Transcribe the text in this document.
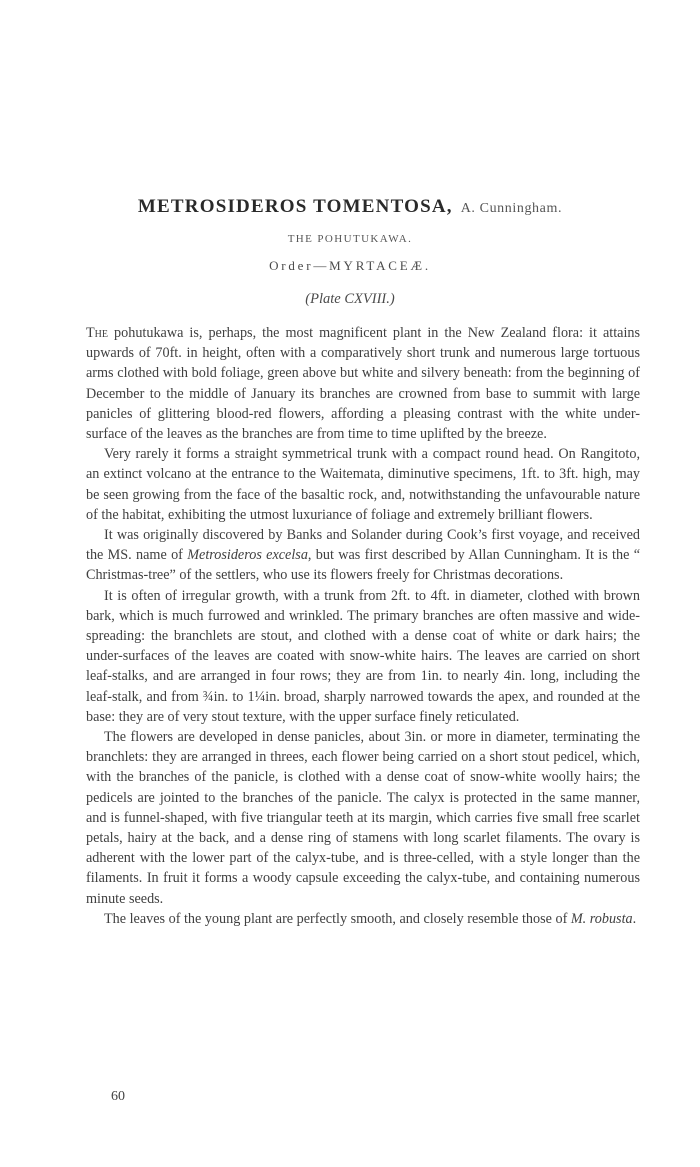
METROSIDEROS TOMENTOSA, A. Cunningham.
THE POHUTUKAWA.
Order—MYRTACEÆ.
(Plate CXVIII.)

The pohutukawa is, perhaps, the most magnificent plant in the New Zealand flora: it attains upwards of 70ft. in height, often with a comparatively short trunk and numerous large tortuous arms clothed with bold foliage, green above but white and silvery beneath: from the beginning of December to the middle of January its branches are crowned from base to summit with large panicles of glittering blood-red flowers, affording a pleasing contrast with the white under-surface of the leaves as the branches are from time to time uplifted by the breeze.

Very rarely it forms a straight symmetrical trunk with a compact round head. On Rangitoto, an extinct volcano at the entrance to the Waitemata, diminutive specimens, 1ft. to 3ft. high, may be seen growing from the face of the basaltic rock, and, notwithstanding the unfavourable nature of the habitat, exhibiting the utmost luxuriance of foliage and extremely brilliant flowers.

It was originally discovered by Banks and Solander during Cook’s first voyage, and received the MS. name of Metrosideros excelsa, but was first described by Allan Cunningham. It is the “ Christmas-tree” of the settlers, who use its flowers freely for Christmas decorations.

It is often of irregular growth, with a trunk from 2ft. to 4ft. in diameter, clothed with brown bark, which is much furrowed and wrinkled. The primary branches are often massive and wide-spreading: the branchlets are stout, and clothed with a dense coat of white or dark hairs; the under-surfaces of the leaves are coated with snow-white hairs. The leaves are carried on short leaf-stalks, and are arranged in four rows; they are from 1in. to nearly 4in. long, including the leaf-stalk, and from ¾in. to 1¼in. broad, sharply narrowed towards the apex, and rounded at the base: they are of very stout texture, with the upper surface finely reticulated.

The flowers are developed in dense panicles, about 3in. or more in diameter, terminating the branchlets: they are arranged in threes, each flower being carried on a short stout pedicel, which, with the branches of the panicle, is clothed with a dense coat of snow-white woolly hairs; the pedicels are jointed to the branches of the panicle. The calyx is protected in the same manner, and is funnel-shaped, with five triangular teeth at its margin, which carries five small free scarlet petals, hairy at the back, and a dense ring of stamens with long scarlet filaments. The ovary is adherent with the lower part of the calyx-tube, and is three-celled, with a style longer than the filaments. In fruit it forms a woody capsule exceeding the calyx-tube, and containing numerous minute seeds.

The leaves of the young plant are perfectly smooth, and closely resemble those of M. robusta.

60
